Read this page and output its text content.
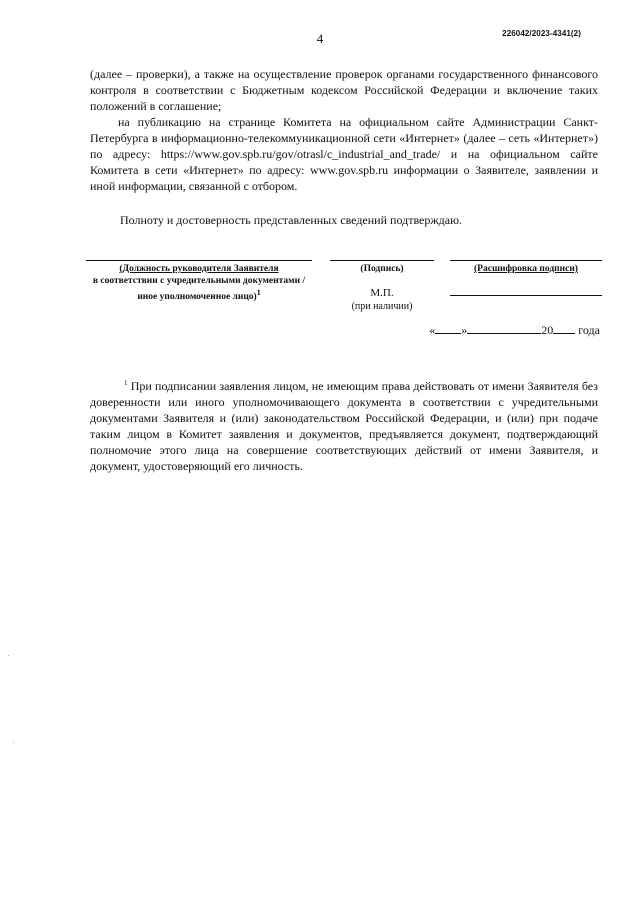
226042/2023-4341(2)
4
(далее – проверки), а также на осуществление проверок органами государственного финансового контроля в соответствии с Бюджетным кодексом Российской Федерации и включение таких положений в соглашение;
на публикацию на странице Комитета на официальном сайте Администрации Санкт-Петербурга в информационно-телекоммуникационной сети «Интернет» (далее – сеть «Интернет») по адресу: https://www.gov.spb.ru/gov/otrasl/c_industrial_and_trade/ и на официальном сайте Комитета в сети «Интернет» по адресу: www.gov.spb.ru информации о Заявителе, заявлении и иной информации, связанной с отбором.
Полноту и достоверность представленных сведений подтверждаю.
(Должность руководителя Заявителя
в соответствии с учредительными документами / иное уполномоченное лицо)$^1$
(Подпись)	(Расшифровка подписи)
М.П.
(при наличии)
« »	20 года
$^1$ При подписании заявления лицом, не имеющим права действовать от имени Заявителя без доверенности или иного уполномочивающего документа в соответствии с учредительными документами Заявителя и (или) законодательством Российской Федерации, и (или) при подаче таким лицом в Комитет заявления и документов, предъявляется документ, подтверждающий полномочие этого лица на совершение соответствующих действий от имени Заявителя, и документ, удостоверяющий его личность.
